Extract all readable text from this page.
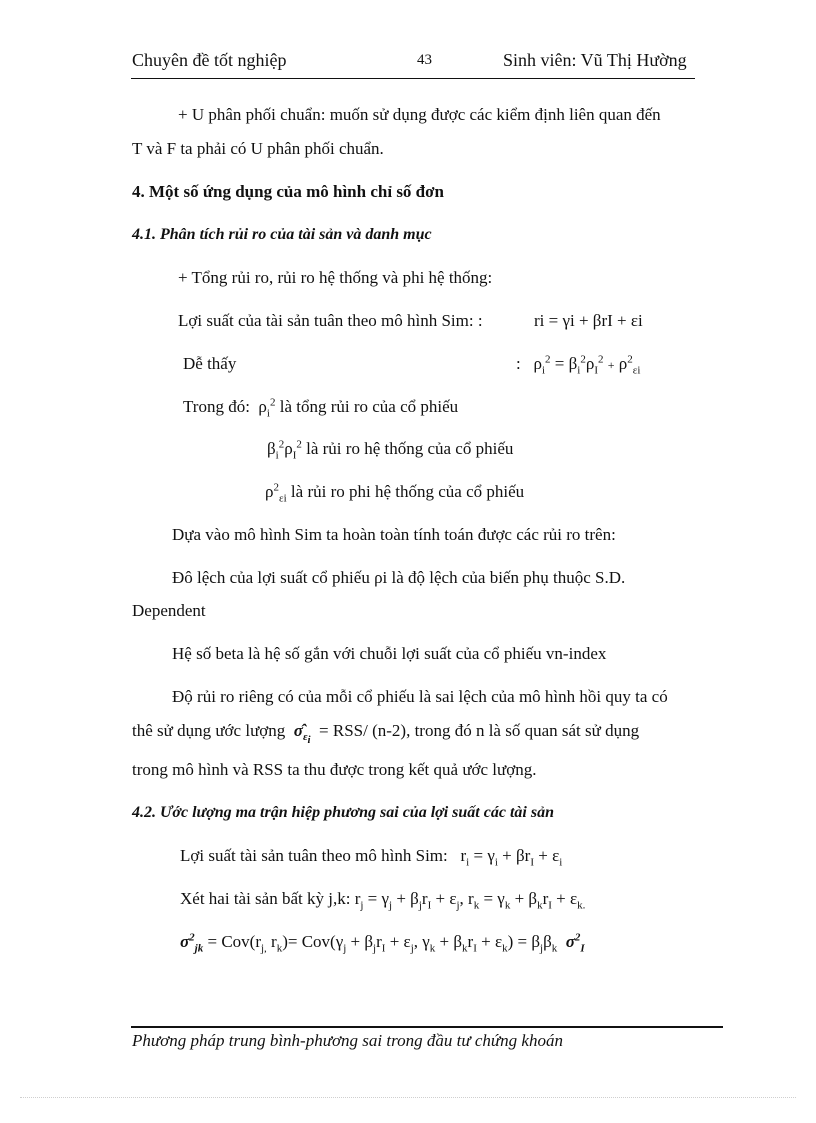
Chuyên đề tốt nghiệp	43	Sinh viên: Vũ Thị Hường
+ U phân phối chuẩn: muốn sử dụng được các kiểm định liên quan đến
T và F ta phải có U phân phối chuẩn.
4. Một số ứng dụng của mô hình chỉ số đơn
4.1. Phân tích rủi ro của tài sản và danh mục
+ Tổng rủi ro, rủi ro hệ thống và phi hệ thống:
Lợi suất của tài sản tuân theo mô hình Sim: :	ri = γi + βrI + εi
Dễ thấy	:   $\rho_i^2 = \beta_i^2\rho_I^2 + \rho^2_{\varepsilon i}$
Trong đó:  $\rho_i^2$ là tổng rủi ro của cổ phiếu
$\beta_i^2\rho_I^2$ là rủi ro hệ thống của cổ phiếu
$\rho^2_{\varepsilon i}$ là rủi ro phi hệ thống của cổ phiếu
Dựa vào mô hình Sim ta hoàn toàn tính toán được các rủi ro trên:
Đô lệch của lợi suất cổ phiếu ρi là độ lệch của biến phụ thuộc S.D.
Dependent
Hệ số beta là hệ số gắn với chuỗi lợi suất của cổ phiếu vn-index
Độ rủi ro riêng có của mỗi cổ phiếu là sai lệch của mô hình hồi quy ta có
thê sử dụng ước lượng $\sigmâ_{\varepsilon_i} = RSS/$ (n-2), trong đó n là số quan sát sử dụng
trong mô hình và RSS ta thu được trong kết quả ước lượng.
4.2. Ước lượng ma trận hiệp phương sai của lợi suất các tài sản
Lợi suất tài sản tuân theo mô hình Sim:   $r_i = \gamma_i + \beta r_I + \varepsilon_i$
Xét hai tài sản bất kỳ j,k: $r_j = \gamma_j + \beta_jr_I + \varepsilon_j$, $r_k = \gamma_k + \beta_kr_I + \varepsilon_{k.}$
$\sigma^2_{jk} = Cov(r_{j,}$ $r_k)= Cov(\gamma_j + \beta_jr_I + \varepsilon_j$, $\gamma_k + \beta_kr_I + \varepsilon_k) = \beta_j\beta_k$ $\sigma^2_I$
Phương pháp trung bình-phương sai trong đầu tư chứng khoán
